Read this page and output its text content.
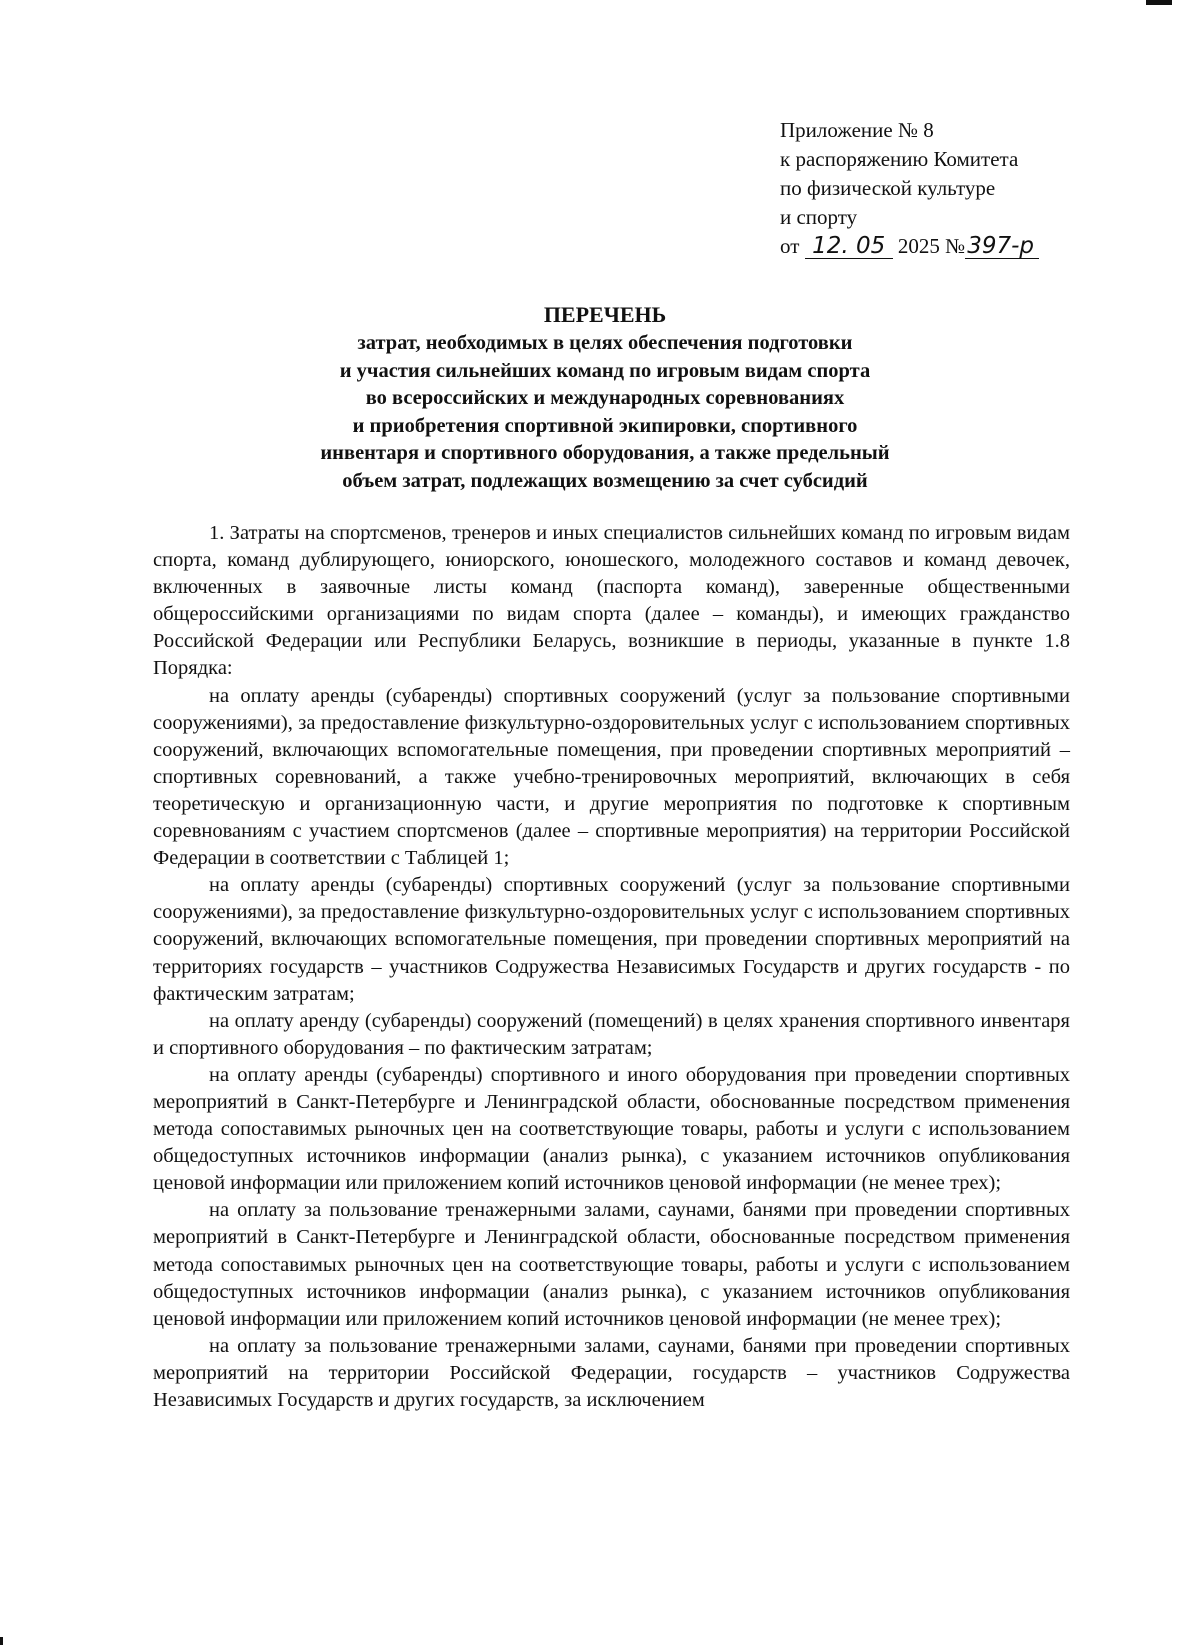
Приложение № 8
к распоряжению Комитета
по физической культуре
и спорту
от 12. 05 2025 №397-р
ПЕРЕЧЕНЬ
затрат, необходимых в целях обеспечения подготовки
и участия сильнейших команд по игровым видам спорта
во всероссийских и международных соревнованиях
и приобретения спортивной экипировки, спортивного
инвентаря и спортивного оборудования, а также предельный
объем затрат, подлежащих возмещению за счет субсидий

1. Затраты на спортсменов, тренеров и иных специалистов сильнейших команд по игровым видам спорта, команд дублирующего, юниорского, юношеского, молодежного составов и команд девочек, включенных в заявочные листы команд (паспорта команд), заверенные общественными общероссийскими организациями по видам спорта (далее – команды), и имеющих гражданство Российской Федерации или Республики Беларусь, возникшие в периоды, указанные в пункте 1.8 Порядка:

на оплату аренды (субаренды) спортивных сооружений (услуг за пользование спортивными сооружениями), за предоставление физкультурно-оздоровительных услуг с использованием спортивных сооружений, включающих вспомогательные помещения, при проведении спортивных мероприятий – спортивных соревнований, а также учебно-тренировочных мероприятий, включающих в себя теоретическую и организационную части, и другие мероприятия по подготовке к спортивным соревнованиям с участием спортсменов (далее – спортивные мероприятия) на территории Российской Федерации в соответствии с Таблицей 1;

на оплату аренды (субаренды) спортивных сооружений (услуг за пользование спортивными сооружениями), за предоставление физкультурно-оздоровительных услуг с использованием спортивных сооружений, включающих вспомогательные помещения, при проведении спортивных мероприятий на территориях государств – участников Содружества Независимых Государств и других государств - по фактическим затратам;

на оплату аренду (субаренды) сооружений (помещений) в целях хранения спортивного инвентаря и спортивного оборудования – по фактическим затратам;

на оплату аренды (субаренды) спортивного и иного оборудования при проведении спортивных мероприятий в Санкт-Петербурге и Ленинградской области, обоснованные посредством применения метода сопоставимых рыночных цен на соответствующие товары, работы и услуги с использованием общедоступных источников информации (анализ рынка), с указанием источников опубликования ценовой информации или приложением копий источников ценовой информации (не менее трех);

на оплату за пользование тренажерными залами, саунами, банями при проведении спортивных мероприятий в Санкт-Петербурге и Ленинградской области, обоснованные посредством применения метода сопоставимых рыночных цен на соответствующие товары, работы и услуги с использованием общедоступных источников информации (анализ рынка), с указанием источников опубликования ценовой информации или приложением копий источников ценовой информации (не менее трех);

на оплату за пользование тренажерными залами, саунами, банями при проведении спортивных мероприятий на территории Российской Федерации, государств – участников Содружества Независимых Государств и других государств, за исключением
